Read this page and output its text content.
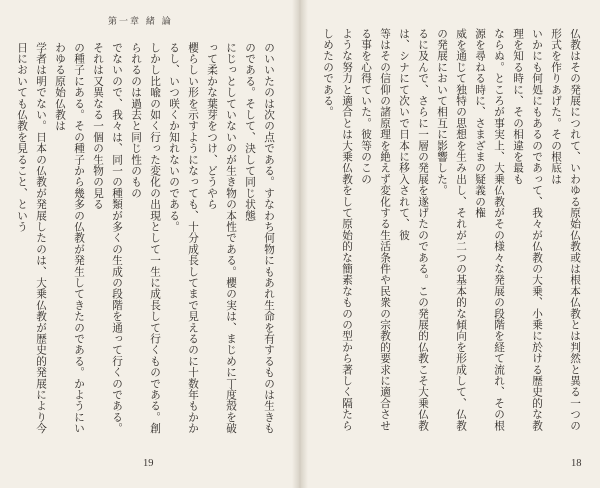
第一章 緒 論

のいいたのは次の点である。すなわち何物にもあれ生命を有するものは生きものである。そして、決して同じ状態

にじっとしていないのが生き物の本性である。櫻の実は、まじめに丁度殻を破って柔かな葉芽をつけ、どうやら

櫻らしい形を示すようになっても、十分成長してまで見えるのに十数年もかかるし、いつ咲くか知れないのである。

しかし比喩の如く行った変化の出現として一生に成長して行くものである。創られるのは過去と同じ性のもの

でないので、我々は、同一の種類が多くの生成の段階を通って行くのである。それは又異なる一個の生物の見る

の種子にある。その種子から幾多の仏教が発生してきたのである。かようにいわゆる原始仏教は

学者は明でない。日本の仏教が発展したのは、大乗仏教が歴史的発展により今日においても仏教を見ること、という

19

仏教はその発展につれて、いわゆる原始仏教或は根本仏教とは判然と異る一つの形式を作りあげた。その根底は

いかにも何処にもあるのであって、我々が仏教の大乗、小乗に於ける歴史的な教理を知る時に、その相違を最も

ならぬ。ところが事実上、大乗仏教がその様々な発展の段階を経て流れ、その根源を尋ねる時に、さまざまの疑義の権

威を通じて独特の思想を生み出し、それが二つの基本的な傾向を形成して、仏教の発展において相互に影響した。

るに及んで、さらに一層の発展を遂げたのである。この発展的仏教こそ大乗仏教は、シナにて次いで日本に移入されて、彼

等はその信仰の諸原理を絶えず変化する生活条件や民衆の宗教的要求に適合させる事を心得ていた。彼等のこの

ような努力と適合とは大乗仏教をして原始的な簡素なものの型から著しく隔たらしめたのである。

18
